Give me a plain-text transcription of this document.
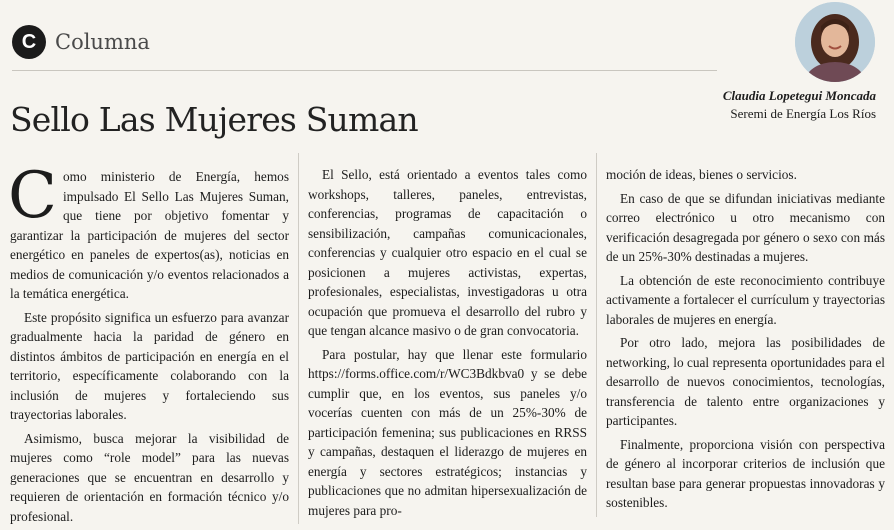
C Columna
Claudia Lopetegui Moncada
Seremi de Energía Los Ríos
Sello Las Mujeres Suman

Como ministerio de Energía, hemos impulsado El Sello Las Mujeres Suman, que tiene por objetivo fomentar y garantizar la participación de mujeres del sector energético en paneles de expertos(as), noticias en medios de comunicación y/o eventos relacionados a la temática energética.

Este propósito significa un esfuerzo para avanzar gradualmente hacia la paridad de género en distintos ámbitos de participación en energía en el territorio, específicamente colaborando con la inclusión de mujeres y fortaleciendo sus trayectorias laborales.

Asimismo, busca mejorar la visibilidad de mujeres como “role model” para las nuevas generaciones que se encuentran en desarrollo y requieren de orientación en formación técnico y/o profesional.

El Sello, está orientado a eventos tales como workshops, talleres, paneles, entrevistas, conferencias, programas de capacitación o sensibilización, campañas comunicacionales, conferencias y cualquier otro espacio en el cual se posicionen a mujeres activistas, expertas, profesionales, especialistas, investigadoras u otra ocupación que promueva el desarrollo del rubro y que tengan alcance masivo o de gran convocatoria.

Para postular, hay que llenar este formulario https://forms.office.com/r/WC3Bdkbva0 y se debe cumplir que, en los eventos, sus paneles y/o vocerías cuenten con más de un 25%-30% de participación femenina; sus publicaciones en RRSS y campañas, destaquen el liderazgo de mujeres en energía y sectores estratégicos; instancias y publicaciones que no admitan hipersexualización de mujeres para pro-

moción de ideas, bienes o servicios.

En caso de que se difundan iniciativas mediante correo electrónico u otro mecanismo con verificación desagregada por género o sexo con más de un 25%-30% destinadas a mujeres.

La obtención de este reconocimiento contribuye activamente a fortalecer el currículum y trayectorias laborales de mujeres en energía.

Por otro lado, mejora las posibilidades de networking, lo cual representa oportunidades para el desarrollo de nuevos conocimientos, tecnologías, transferencia de talento entre organizaciones y participantes.

Finalmente, proporciona visión con perspectiva de género al incorporar criterios de inclusión que resultan base para generar propuestas innovadoras y sostenibles.
